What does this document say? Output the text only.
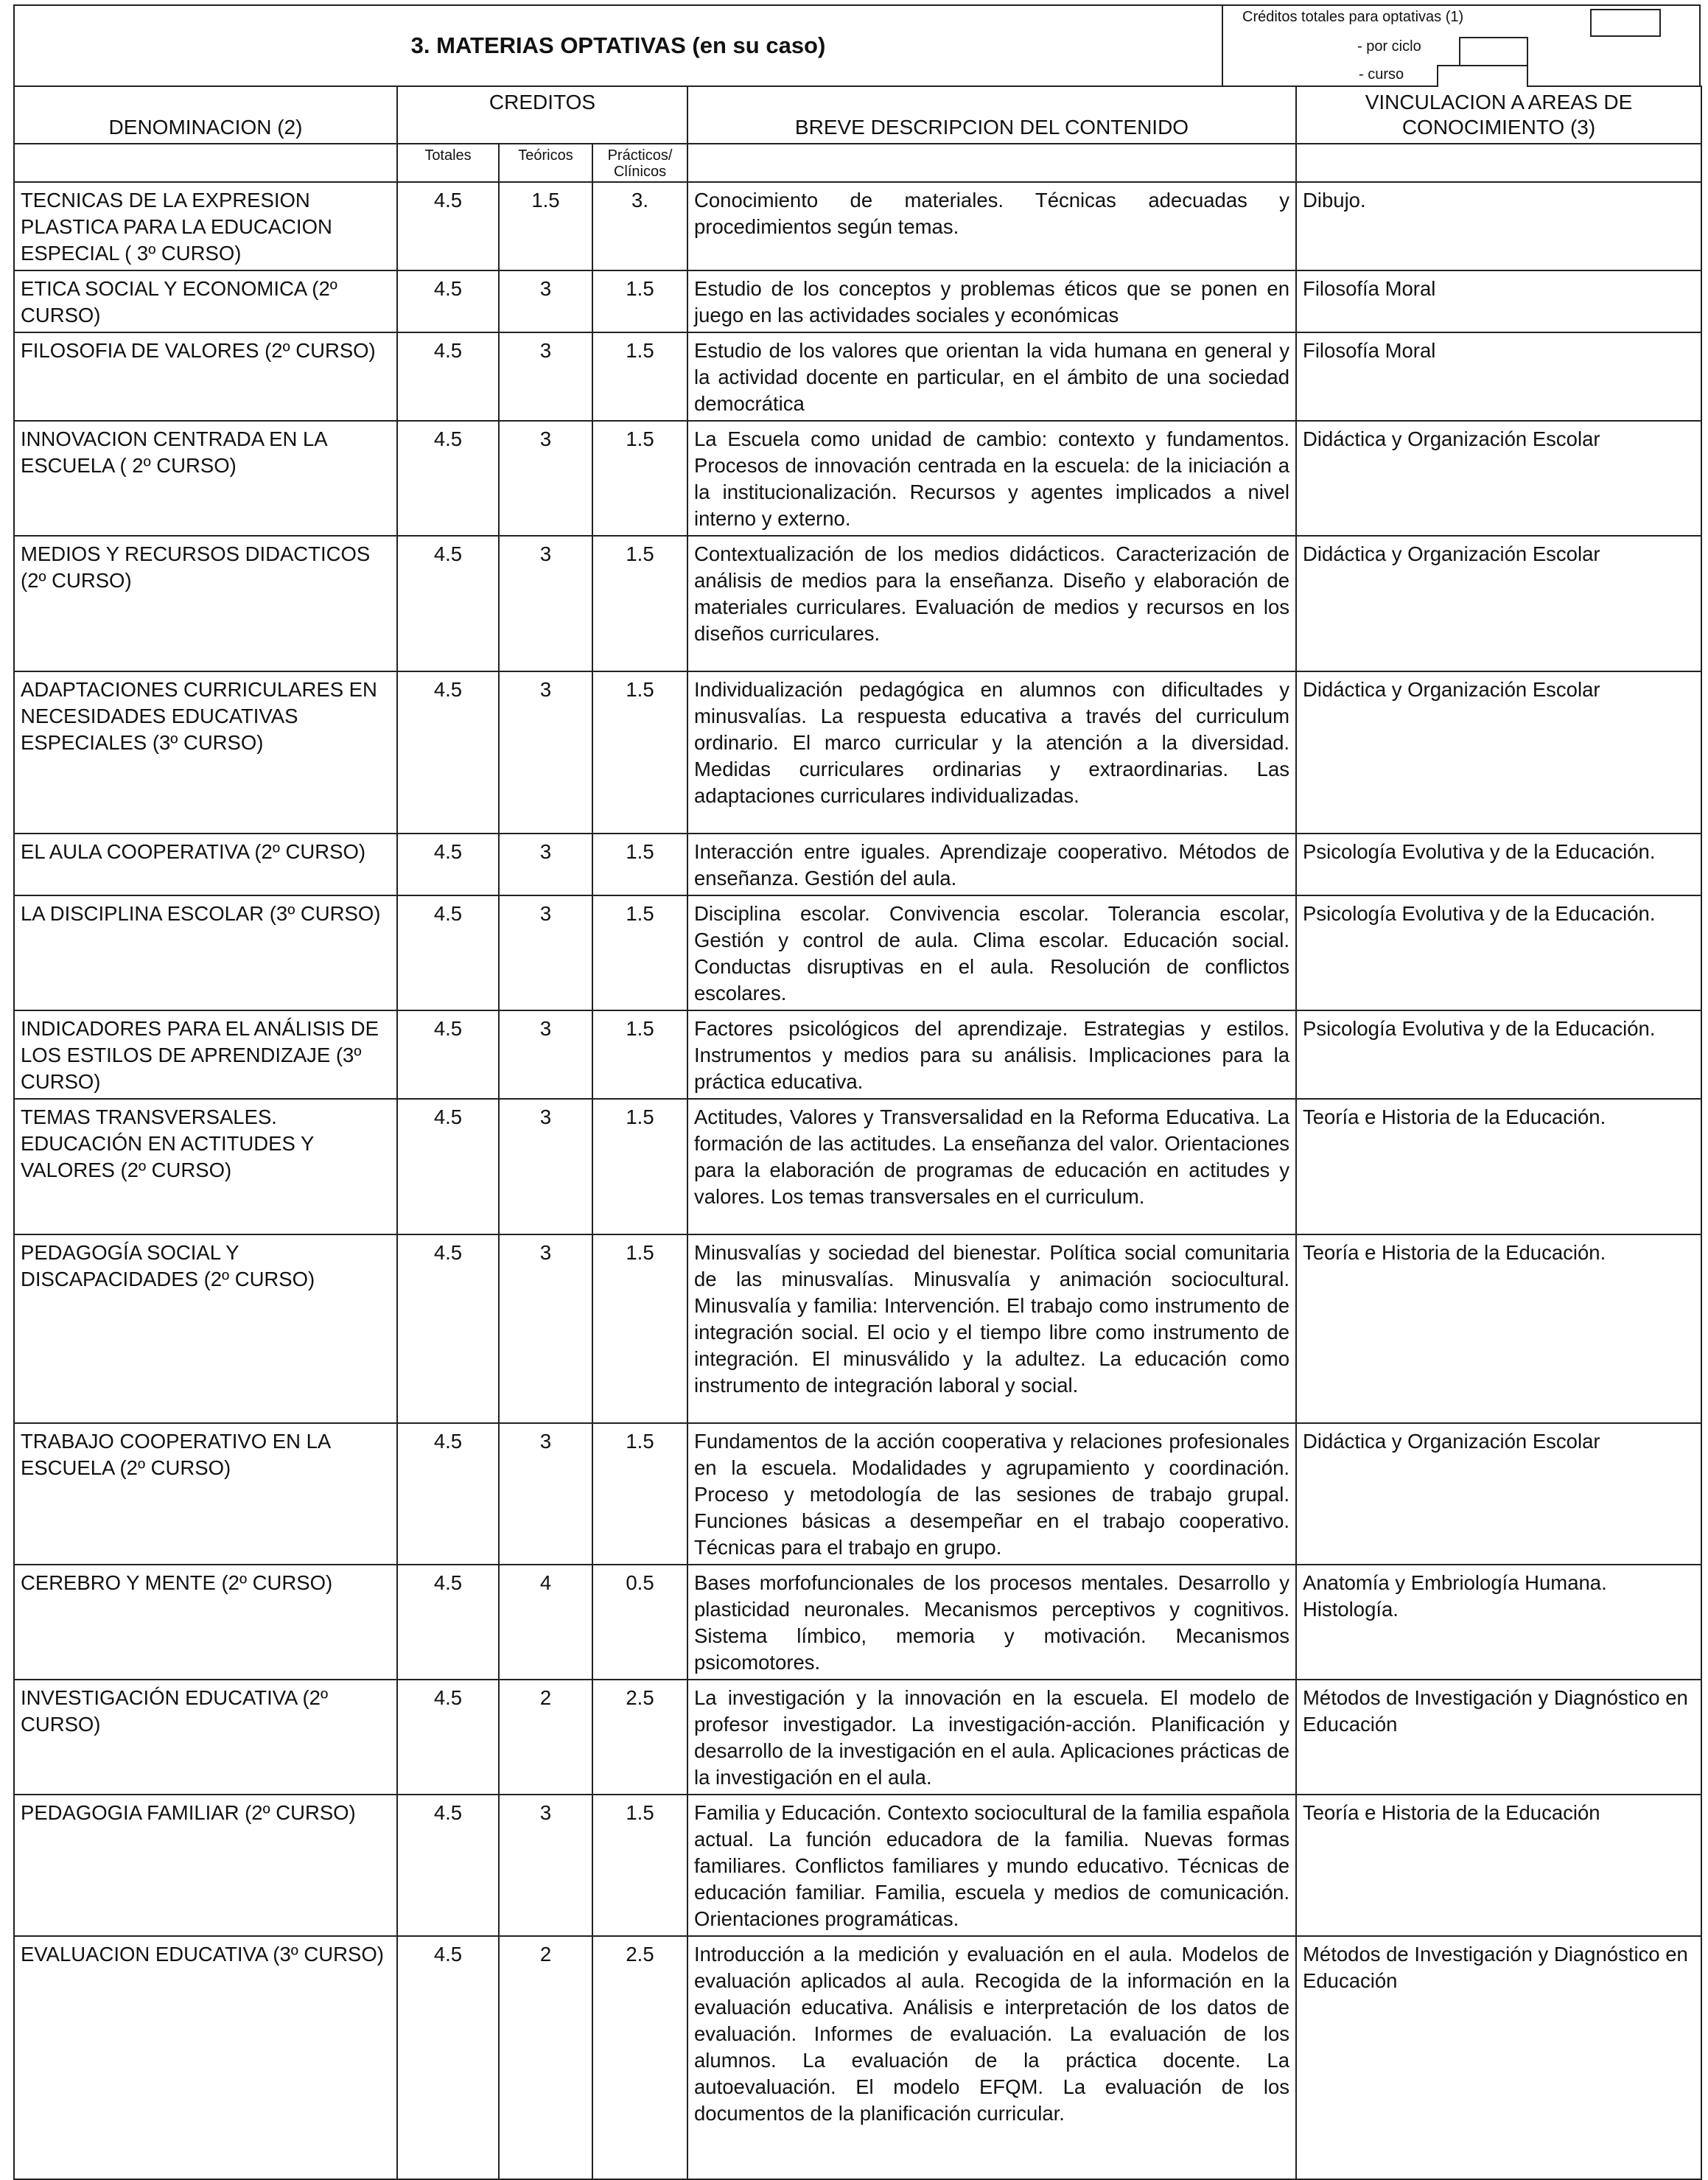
3. MATERIAS OPTATIVAS (en su caso)
Créditos totales para optativas (1)
- por ciclo
- curso
DENOMINACION (2)	CREDITOS			BREVE DESCRIPCION DEL CONTENIDO	VINCULACION A AREAS DE CONOCIMIENTO (3)
	Totales	Teóricos	Prácticos/ Clínicos		
TECNICAS DE LA EXPRESION PLASTICA PARA LA EDUCACION ESPECIAL ( 3º CURSO)	4.5	1.5	3.	Conocimiento de materiales. Técnicas adecuadas y procedimientos según temas.	Dibujo.
ETICA SOCIAL Y ECONOMICA (2º CURSO)	4.5	3	1.5	Estudio de los conceptos y problemas éticos que se ponen en juego en las actividades sociales y económicas	Filosofía Moral
FILOSOFIA DE VALORES (2º CURSO)	4.5	3	1.5	Estudio de los valores que orientan la vida humana en general y la actividad docente en particular, en el ámbito de una sociedad democrática	Filosofía Moral
INNOVACION CENTRADA EN LA ESCUELA ( 2º CURSO)	4.5	3	1.5	La Escuela como unidad de cambio: contexto y fundamentos. Procesos de innovación centrada en la escuela: de la iniciación a la institucionalización. Recursos y agentes implicados a nivel interno y externo.	Didáctica y Organización Escolar
MEDIOS Y RECURSOS DIDACTICOS (2º CURSO)	4.5	3	1.5	Contextualización de los medios didácticos. Caracterización de análisis de medios para la enseñanza. Diseño y elaboración de materiales curriculares. Evaluación de medios y recursos en los diseños curriculares.	Didáctica y Organización Escolar
ADAPTACIONES CURRICULARES EN NECESIDADES EDUCATIVAS ESPECIALES (3º CURSO)	4.5	3	1.5	Individualización pedagógica en alumnos con dificultades y minusvalías. La respuesta educativa a través del curriculum ordinario. El marco curricular y la atención a la diversidad. Medidas curriculares ordinarias y extraordinarias. Las adaptaciones curriculares individualizadas.	Didáctica y Organización Escolar
EL AULA COOPERATIVA (2º CURSO)	4.5	3	1.5	Interacción entre iguales. Aprendizaje cooperativo. Métodos de enseñanza. Gestión del aula.	Psicología Evolutiva y de la Educación.
LA DISCIPLINA ESCOLAR (3º CURSO)	4.5	3	1.5	Disciplina escolar. Convivencia escolar. Tolerancia escolar, Gestión y control de aula. Clima escolar. Educación social. Conductas disruptivas en el aula. Resolución de conflictos escolares.	Psicología Evolutiva y de la Educación.
INDICADORES PARA EL ANÁLISIS DE LOS ESTILOS DE APRENDIZAJE (3º CURSO)	4.5	3	1.5	Factores psicológicos del aprendizaje. Estrategias y estilos. Instrumentos y medios para su análisis. Implicaciones para la práctica educativa.	Psicología Evolutiva y de la Educación.
TEMAS TRANSVERSALES. EDUCACIÓN EN ACTITUDES Y VALORES (2º CURSO)	4.5	3	1.5	Actitudes, Valores y Transversalidad en la Reforma Educativa. La formación de las actitudes. La enseñanza del valor. Orientaciones para la elaboración de programas de educación en actitudes y valores. Los temas transversales en el curriculum.	Teoría e Historia de la Educación.
PEDAGOGÍA SOCIAL Y DISCAPACIDADES (2º CURSO)	4.5	3	1.5	Minusvalías y sociedad del bienestar. Política social comunitaria de las minusvalías. Minusvalía y animación sociocultural. Minusvalía y familia: Intervención. El trabajo como instrumento de integración social. El ocio y el tiempo libre como instrumento de integración. El minusválido y la adultez. La educación como instrumento de integración laboral y social.	Teoría e Historia de la Educación.
TRABAJO COOPERATIVO EN LA ESCUELA (2º CURSO)	4.5	3	1.5	Fundamentos de la acción cooperativa y relaciones profesionales en la escuela. Modalidades y agrupamiento y coordinación. Proceso y metodología de las sesiones de trabajo grupal. Funciones básicas a desempeñar en el trabajo cooperativo. Técnicas para el trabajo en grupo.	Didáctica y Organización Escolar
CEREBRO Y MENTE (2º CURSO)	4.5	4	0.5	Bases morfofuncionales de los procesos mentales. Desarrollo y plasticidad neuronales. Mecanismos perceptivos y cognitivos. Sistema límbico, memoria y motivación. Mecanismos psicomotores.	Anatomía y Embriología Humana. Histología.
INVESTIGACIÓN EDUCATIVA (2º CURSO)	4.5	2	2.5	La investigación y la innovación en la escuela. El modelo de profesor investigador. La investigación-acción. Planificación y desarrollo de la investigación en el aula. Aplicaciones prácticas de la investigación en el aula.	Métodos de Investigación y Diagnóstico en Educación
PEDAGOGIA FAMILIAR (2º CURSO)	4.5	3	1.5	Familia y Educación. Contexto sociocultural de la familia española actual. La función educadora de la familia. Nuevas formas familiares. Conflictos familiares y mundo educativo. Técnicas de educación familiar. Familia, escuela y medios de comunicación. Orientaciones programáticas.	Teoría e Historia de la Educación
EVALUACION EDUCATIVA (3º CURSO)	4.5	2	2.5	Introducción a la medición y evaluación en el aula. Modelos de evaluación aplicados al aula. Recogida de la información en la evaluación educativa. Análisis e interpretación de los datos de evaluación. Informes de evaluación. La evaluación de los alumnos. La evaluación de la práctica docente. La autoevaluación. El modelo EFQM. La evaluación de los documentos de la planificación curricular.	Métodos de Investigación y Diagnóstico en Educación
